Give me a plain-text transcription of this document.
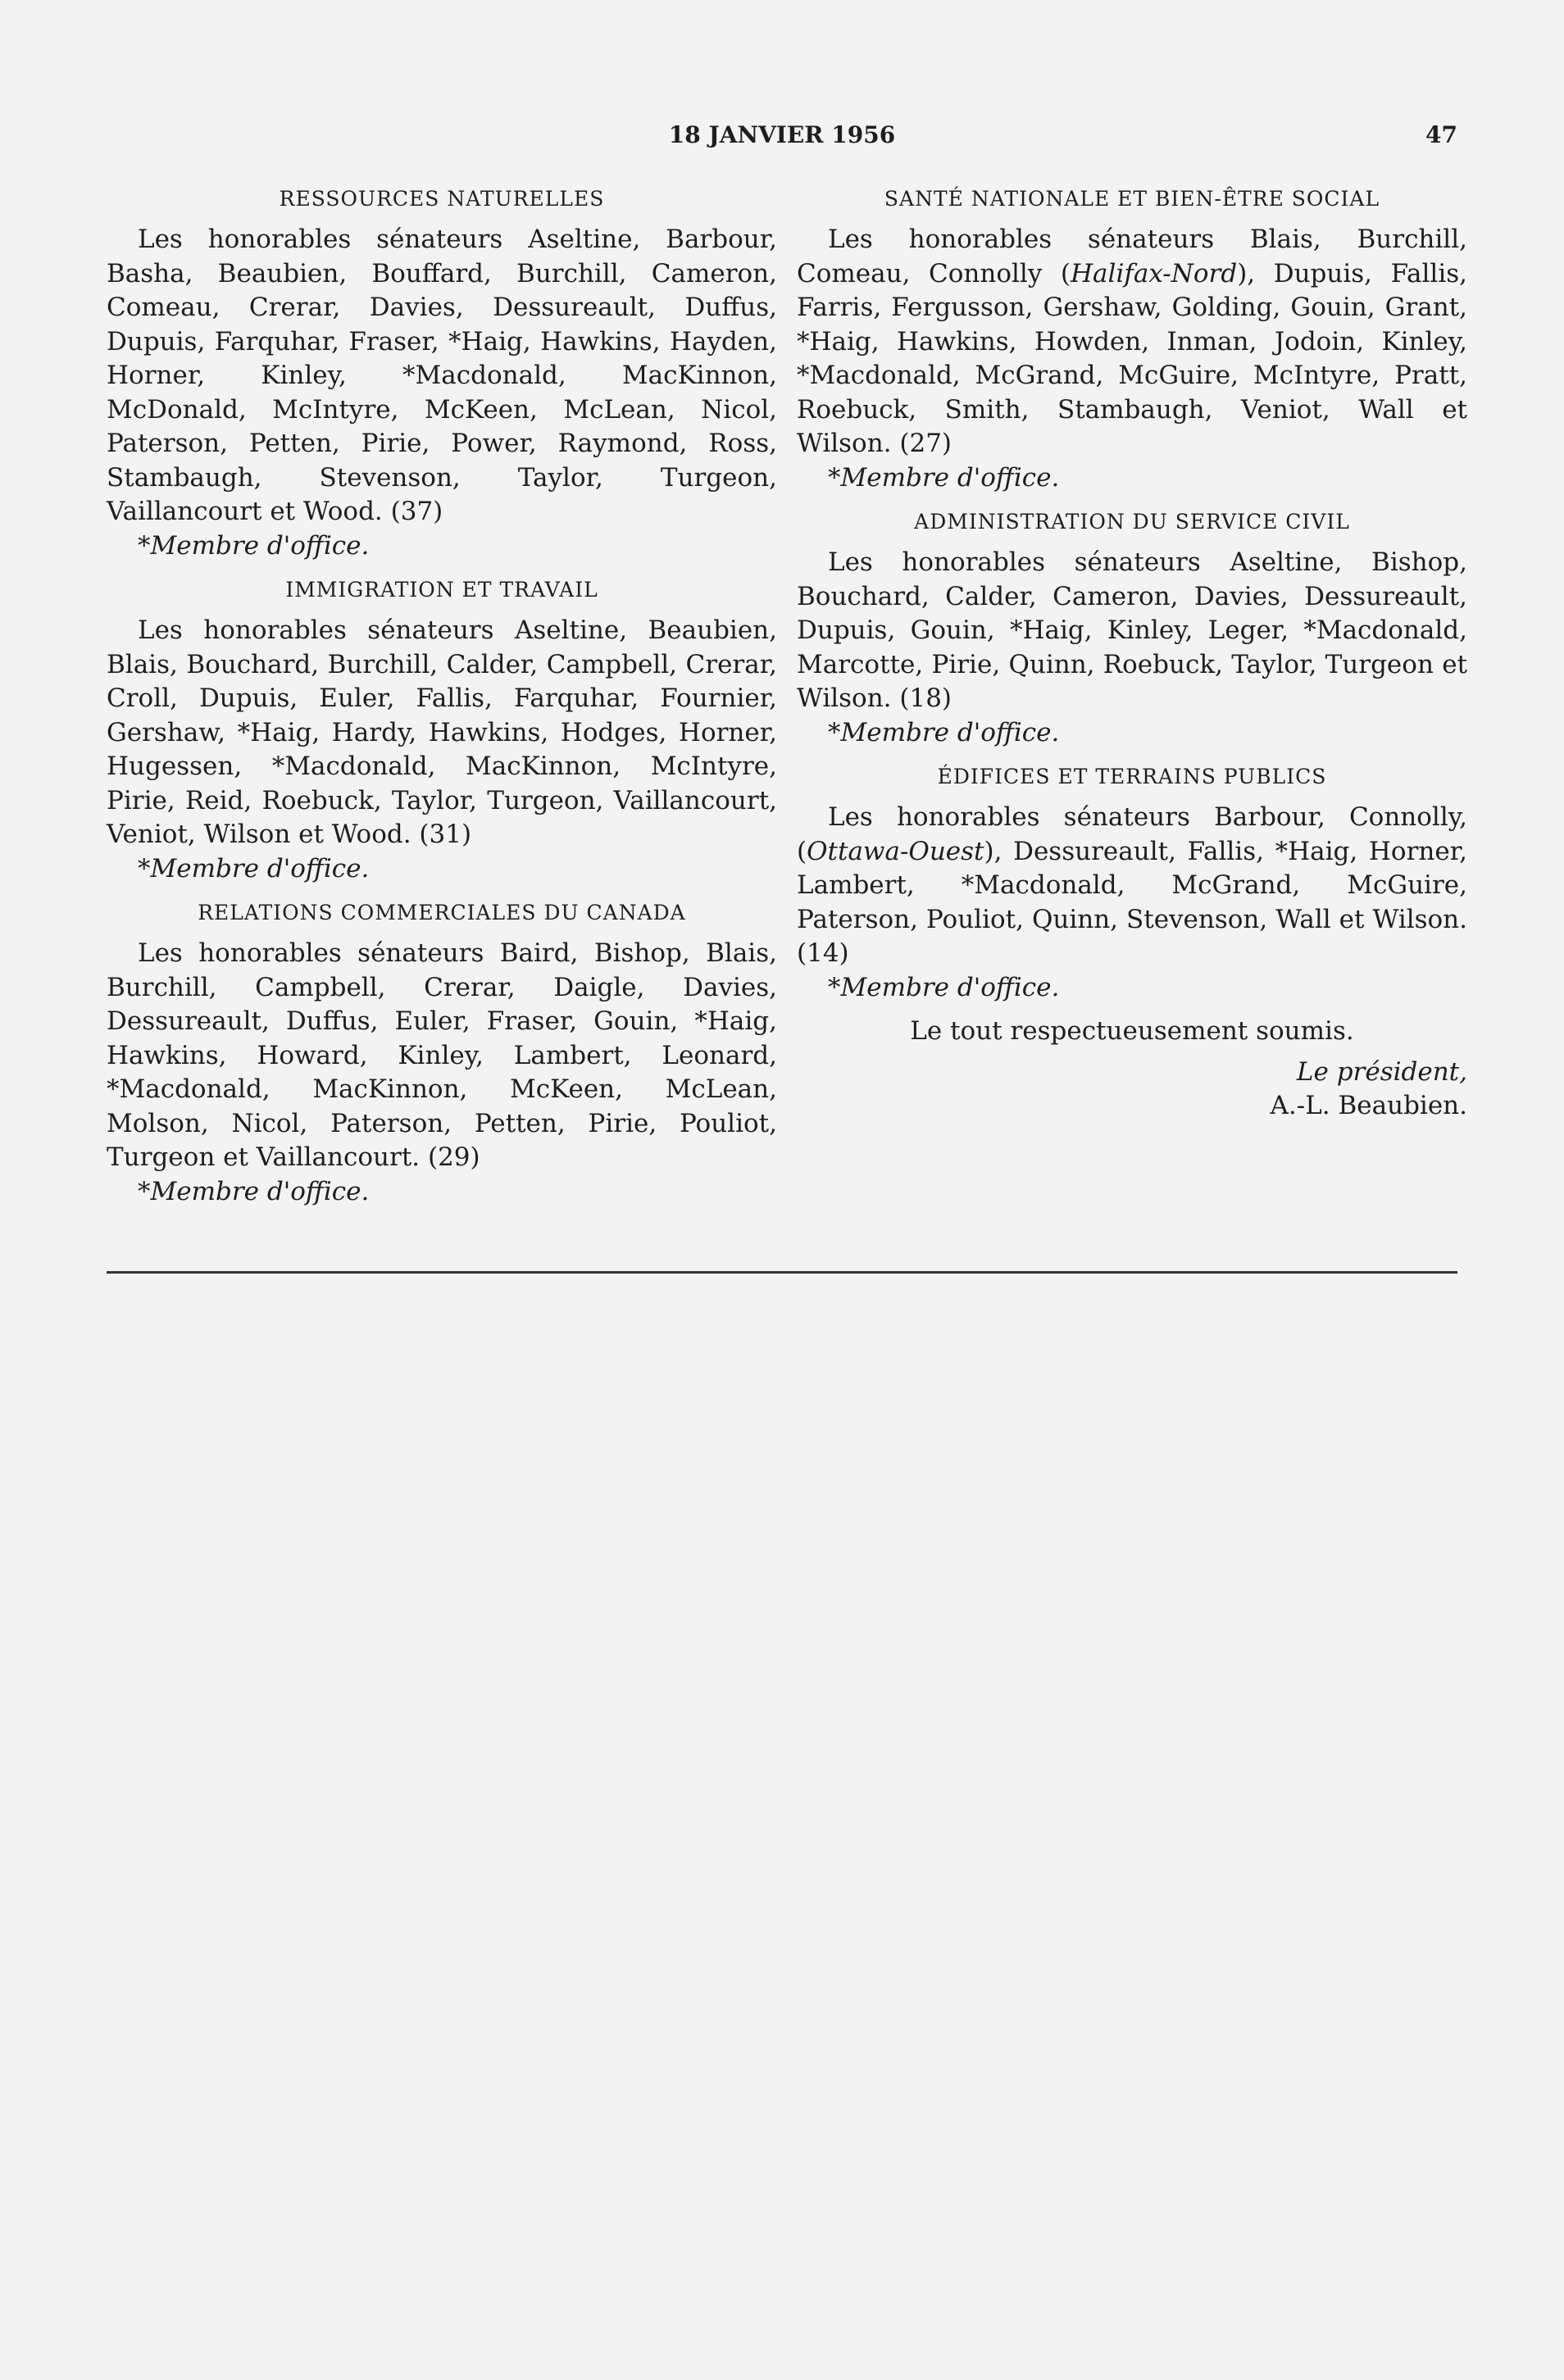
18 JANVIER 1956	47
RESSOURCES NATURELLES

Les honorables sénateurs Aseltine, Barbour, Basha, Beaubien, Bouffard, Burchill, Cameron, Comeau, Crerar, Davies, Dessureault, Duffus, Dupuis, Farquhar, Fraser, *Haig, Hawkins, Hayden, Horner, Kinley, *Macdonald, MacKinnon, McDonald, McIntyre, McKeen, McLean, Nicol, Paterson, Petten, Pirie, Power, Raymond, Ross, Stambaugh, Stevenson, Taylor, Turgeon, Vaillancourt et Wood. (37)

*Membre d'office.
IMMIGRATION ET TRAVAIL

Les honorables sénateurs Aseltine, Beaubien, Blais, Bouchard, Burchill, Calder, Campbell, Crerar, Croll, Dupuis, Euler, Fallis, Farquhar, Fournier, Gershaw, *Haig, Hardy, Hawkins, Hodges, Horner, Hugessen, *Macdonald, MacKinnon, McIntyre, Pirie, Reid, Roebuck, Taylor, Turgeon, Vaillancourt, Veniot, Wilson et Wood. (31)

*Membre d'office.
RELATIONS COMMERCIALES DU CANADA

Les honorables sénateurs Baird, Bishop, Blais, Burchill, Campbell, Crerar, Daigle, Davies, Dessureault, Duffus, Euler, Fraser, Gouin, *Haig, Hawkins, Howard, Kinley, Lambert, Leonard, *Macdonald, MacKinnon, McKeen, McLean, Molson, Nicol, Paterson, Petten, Pirie, Pouliot, Turgeon et Vaillancourt. (29)

*Membre d'office.
SANTÉ NATIONALE ET BIEN-ÊTRE SOCIAL

Les honorables sénateurs Blais, Burchill, Comeau, Connolly (Halifax-Nord), Dupuis, Fallis, Farris, Fergusson, Gershaw, Golding, Gouin, Grant, *Haig, Hawkins, Howden, Inman, Jodoin, Kinley, *Macdonald, McGrand, McGuire, McIntyre, Pratt, Roebuck, Smith, Stambaugh, Veniot, Wall et Wilson. (27)

*Membre d'office.
ADMINISTRATION DU SERVICE CIVIL

Les honorables sénateurs Aseltine, Bishop, Bouchard, Calder, Cameron, Davies, Dessureault, Dupuis, Gouin, *Haig, Kinley, Leger, *Macdonald, Marcotte, Pirie, Quinn, Roebuck, Taylor, Turgeon et Wilson. (18)

*Membre d'office.
ÉDIFICES ET TERRAINS PUBLICS

Les honorables sénateurs Barbour, Connolly, (Ottawa-Ouest), Dessureault, Fallis, *Haig, Horner, Lambert, *Macdonald, McGrand, McGuire, Paterson, Pouliot, Quinn, Stevenson, Wall et Wilson. (14)

*Membre d'office.
Le tout respectueusement soumis.
Le président,
A.-L. Beaubien.
